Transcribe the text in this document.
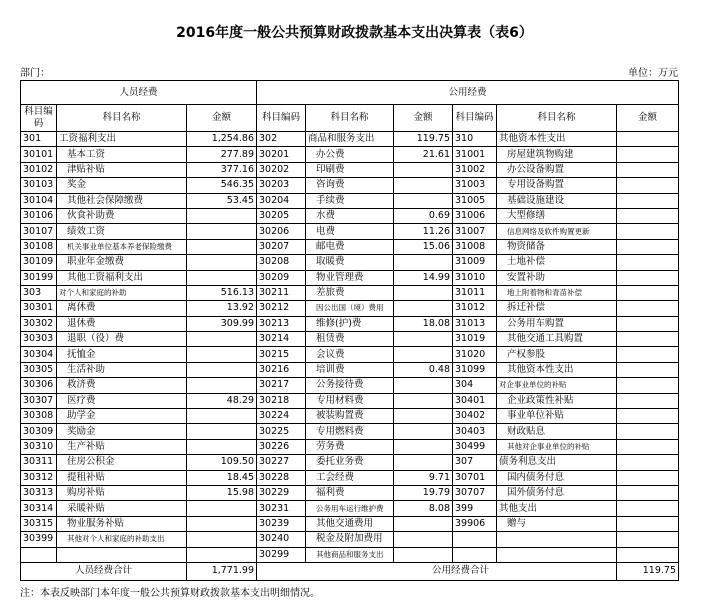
2016年度一般公共预算财政拨款基本支出决算表（表6）
部门：	单位：万元
人员经费			公用经费					
科目编码	科目名称	金额	科目编码	科目名称	金额	科目编码	科目名称	金额
301	工资福利支出	1,254.86	302	商品和服务支出	119.75	310	其他资本性支出	
30101	基本工资	277.89	30201	办公费	21.61	31001	房屋建筑物购建	
30102	津贴补贴	377.16	30202	印刷费		31002	办公设备购置	
30103	奖金	546.35	30203	咨询费		31003	专用设备购置	
30104	其他社会保障缴费	53.45	30204	手续费		31005	基础设施建设	
30106	伙食补助费		30205	水费	0.69	31006	大型修缮	
30107	绩效工资		30206	电费	11.26	31007	信息网络及软件购置更新	
30108	机关事业单位基本养老保险缴费		30207	邮电费	15.06	31008	物资储备	
30109	职业年金缴费		30208	取暖费		31009	土地补偿	
30199	其他工资福利支出		30209	物业管理费	14.99	31010	安置补助	
303	对个人和家庭的补助	516.13	30211	差旅费		31011	地上附着物和青苗补偿	
30301	离休费	13.92	30212	因公出国（境）费用		31012	拆迁补偿	
30302	退休费	309.99	30213	维修(护)费	18.08	31013	公务用车购置	
30303	退职（役）费		30214	租赁费		31019	其他交通工具购置	
30304	抚恤金		30215	会议费		31020	产权参股	
30305	生活补助		30216	培训费	0.48	31099	其他资本性支出	
30306	救济费		30217	公务接待费		304	对企事业单位的补贴	
30307	医疗费	48.29	30218	专用材料费		30401	企业政策性补贴	
30308	助学金		30224	被装购置费		30402	事业单位补贴	
30309	奖励金		30225	专用燃料费		30403	财政贴息	
30310	生产补贴		30226	劳务费		30499	其他对企事业单位的补贴	
30311	住房公积金	109.50	30227	委托业务费		307	债务利息支出	
30312	提租补贴	18.45	30228	工会经费	9.71	30701	国内债务付息	
30313	购房补贴	15.98	30229	福利费	19.79	30707	国外债务付息	
30314	采暖补贴		30231	公务用车运行维护费	8.08	399	其他支出	
30315	物业服务补贴		30239	其他交通费用		39906	赠与	
30399	其他对个人和家庭的补助支出		30240	税金及附加费用				
			30299	其他商品和服务支出				
人员经费合计		1,771.99	公用经费合计					119.75
注：本表反映部门本年度一般公共预算财政拨款基本支出明细情况。
